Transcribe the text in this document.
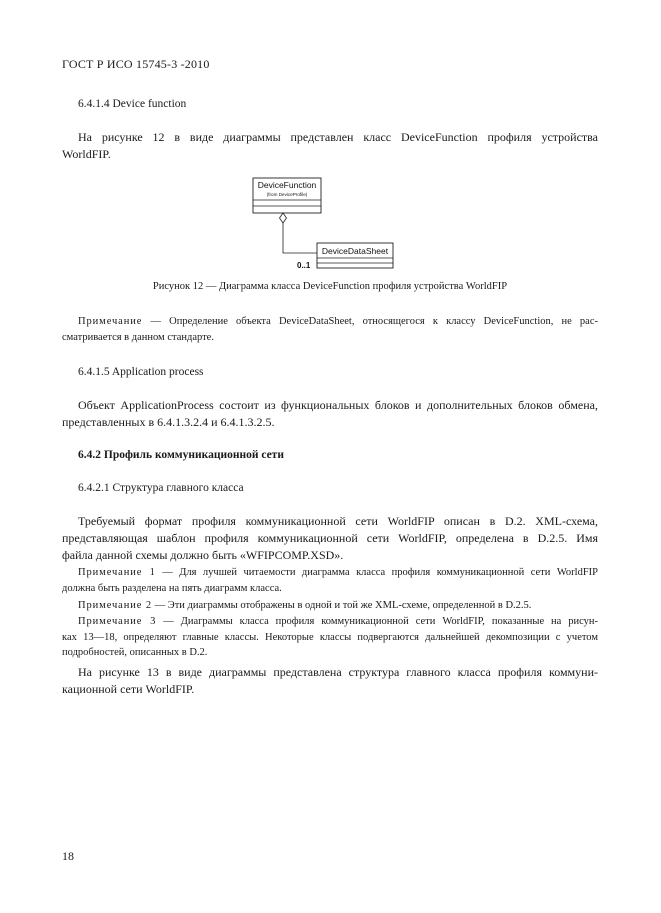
ГОСТ Р ИСО 15745-3 -2010
6.4.1.4 Device function
На рисунке 12 в виде диаграммы представлен класс DeviceFunction профиля устройства
WorldFIP.
DeviceFunction
(from DeviceProfile)
0..1
DeviceDataSheet
Рисунок 12 — Диаграмма класса DeviceFunction профиля устройства WorldFIP
Примечание — Определение объекта DeviceDataSheet, относящегося к классу DeviceFunction, не рас-
сматривается в данном стандарте.
6.4.1.5 Application process
Объект ApplicationProcess состоит из функциональных блоков и дополнительных блоков обмена,
представленных в 6.4.1.3.2.4 и 6.4.1.3.2.5.
6.4.2 Профиль коммуникационной сети
6.4.2.1 Структура главного класса
Требуемый формат профиля коммуникационной сети WorldFIP описан в D.2. XML-схема,
представляющая шаблон профиля коммуникационной сети WorldFIP, определена в D.2.5. Имя
файла данной схемы должно быть «WFIPCOMP.XSD».
Примечание 1 — Для лучшей читаемости диаграмма класса профиля коммуникационной сети WorldFIP
должна быть разделена на пять диаграмм класса.
Примечание 2 — Эти диаграммы отображены в одной и той же XML-схеме, определенной в D.2.5.
Примечание 3 — Диаграммы класса профиля коммуникационной сети WorldFIP, показанные на рисун-
ках 13—18, определяют главные классы. Некоторые классы подвергаются дальнейшей декомпозиции с учетом
подробностей, описанных в D.2.
На рисунке 13 в виде диаграммы представлена структура главного класса профиля коммуни-
кационной сети WorldFIP.
18
